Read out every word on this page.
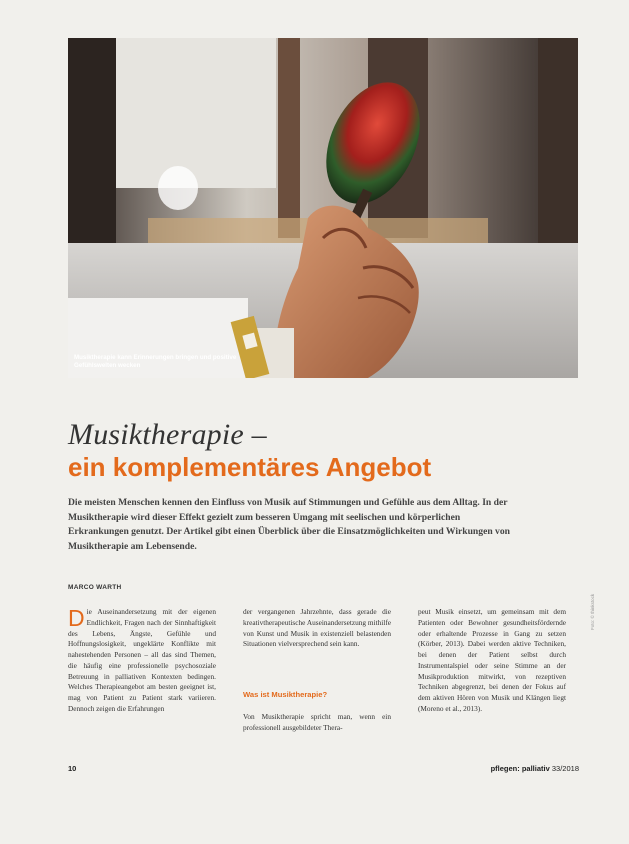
Musiktherapie kann Erinnerungen bringen und positive Gefühlswelten wecken
Musiktherapie –
ein komplementäres Angebot
Die meisten Menschen kennen den Einfluss von Musik auf Stimmungen und Gefühle aus dem Alltag. In der Musiktherapie wird dieser Effekt gezielt zum besseren Umgang mit seelischen und körperlichen Erkrankungen genutzt. Der Artikel gibt einen Überblick über die Einsatzmöglichkeiten und Wirkungen von Musiktherapie am Lebensende.
MARCO WARTH

Die Auseinandersetzung mit der eigenen Endlichkeit, Fragen nach der Sinnhaftigkeit des Lebens, Ängste, Gefühle und Hoffnungslosigkeit, ungeklärte Konflikte mit nahestehenden Personen – all das sind Themen, die häufig eine professionelle psychosoziale Betreuung in palliativen Kontexten bedingen. Welches Therapieangebot am besten geeignet ist, mag von Patient zu Patient stark variieren. Dennoch zeigen die Erfahrungen

der vergangenen Jahrzehnte, dass gerade die kreativtherapeutische Auseinandersetzung mithilfe von Kunst und Musik in existenziell belastenden Situationen vielversprechend sein kann.

Was ist Musiktherapie?

Von Musiktherapie spricht man, wenn ein professionell ausgebildeter Thera-

peut Musik einsetzt, um gemeinsam mit dem Patienten oder Bewohner gesundheitsfördernde oder erhaltende Prozesse in Gang zu setzen (Körber, 2013). Dabei werden aktive Techniken, bei denen der Patient selbst durch Instrumentalspiel oder seine Stimme an der Musikproduktion mitwirkt, von rezeptiven Techniken abgegrenzt, bei denen der Fokus auf dem aktiven Hören von Musik und Klängen liegt (Moreno et al., 2013).

Foto: © thinkstock
10	pflegen: palliativ 33/2018
